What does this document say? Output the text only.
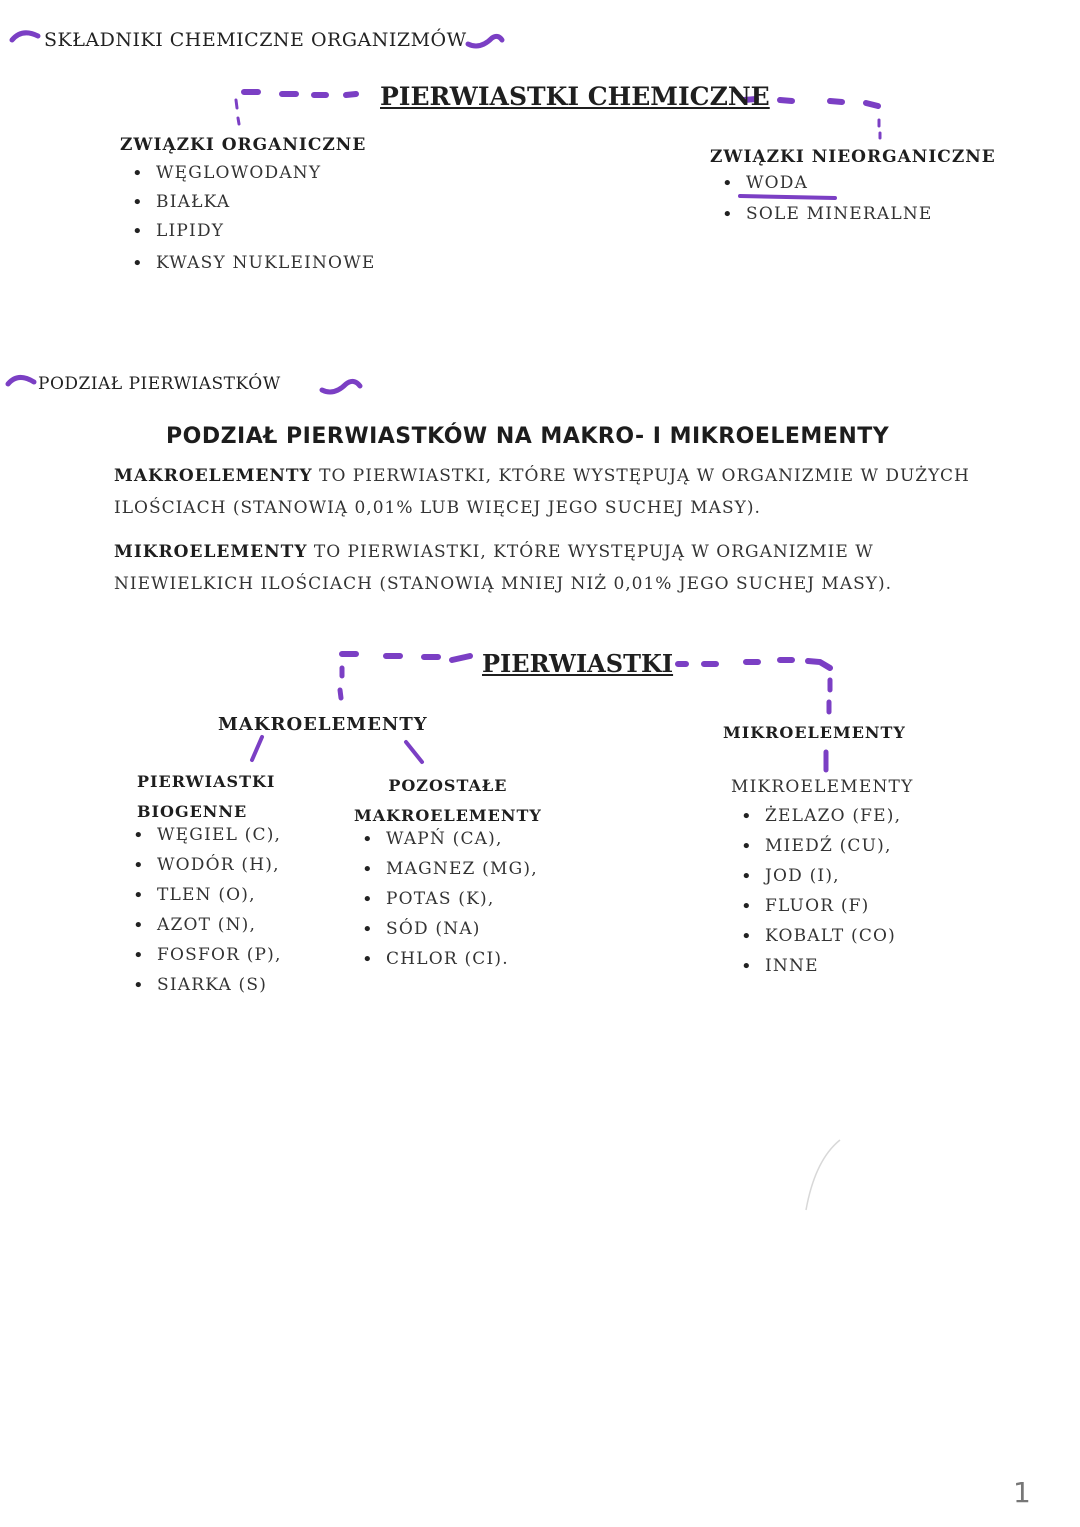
SKŁADNIKI CHEMICZNE ORGANIZMÓW
PIERWIASTKI CHEMICZNE
ZWIĄZKI ORGANICZNE
• WĘGLOWODANY
• BIAŁKA
• LIPIDY
• KWASY NUKLEINOWE
ZWIĄZKI NIEORGANICZNE
• WODA
• SOLE MINERALNE
PODZIAŁ PIERWIASTKÓW
PODZIAŁ PIERWIASTKÓW NA MAKRO- I MIKROELEMENTY
MAKROELEMENTY TO PIERWIASTKI, KTÓRE WYSTĘPUJĄ W ORGANIZMIE W DUŻYCH
ILOŚCIACH (STANOWIĄ 0,01% LUB WIĘCEJ JEGO SUCHEJ MASY).
MIKROELEMENTY TO PIERWIASTKI, KTÓRE WYSTĘPUJĄ W ORGANIZMIE W
NIEWIELKICH ILOŚCIACH (STANOWIĄ MNIEJ NIŻ 0,01% JEGO SUCHEJ MASY).
PIERWIASTKI
MAKROELEMENTY
PIERWIASTKI
BIOGENNE
• WĘGIEL (C),
• WODÓR (H),
• TLEN (O),
• AZOT (N),
• FOSFOR (P),
• SIARKA (S)
POZOSTAŁE
MAKROELEMENTY
• WAPŃ (CA),
• MAGNEZ (MG),
• POTAS (K),
• SÓD (NA)
• CHLOR (CI).
MIKROELEMENTY
MIKROELEMENTY
• ŻELAZO (FE),
• MIEDŹ (CU),
• JOD (I),
• FLUOR (F)
• KOBALT (CO)
• INNE
1
